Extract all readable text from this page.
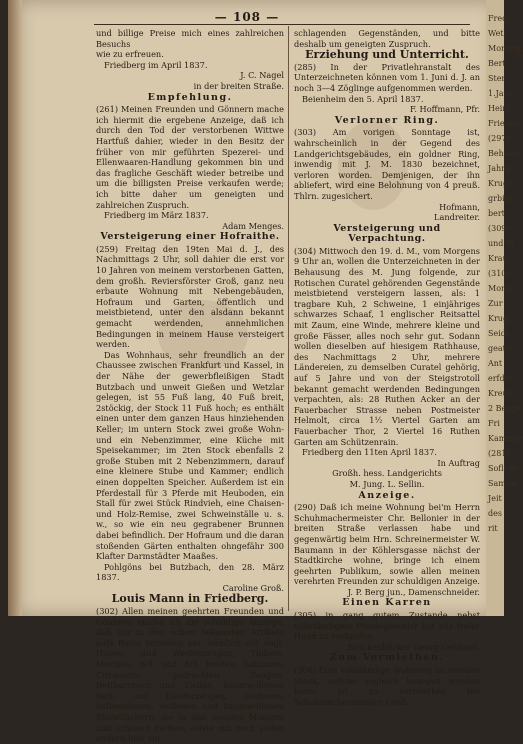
Fred
Wetl
Morting,
Bertl
Ster
1.Jant
Heirt,
Friedbe
(297)
Behaver
Jahre
Krugl
grbiot,
bert.
(309)
und Bi
Krau
(310)
Monat
Zur
Krug,
Seidl,
geatrt
Ant
erfdje
Kreuz
2 Bergw
Fri
Kammer
(281)
Soflicht
Samen
Jeit
des
rit
— 108 —
und billige Preise mich eines zahlreichen Besuchs
wie zu erfreuen.
Friedberg im April 1837.
J. C. Nagel
in der breiten Straße.
Empfehlung.
(261) Meinen Freunden und Gönnern mache ich hiermit die ergebene Anzeige, daß ich durch den Tod der verstorbenen Wittwe Hartfuß dahier, wieder in den Besitz der früher von mir geführten Spezerei- und Ellenwaaren-Handlung gekommen bin und das fragliche Geschäft wieder betreibe und um die billigsten Preise verkaufen werde; ich bitte daher um geneigten und zahlreichen Zuspruch.
Friedberg im März 1837.
Adam Menges.
Versteigerung einer Hofraithe.
(259) Freitag den 19ten Mai d. J., des Nachmittags 2 Uhr, soll dahier die erst vor 10 Jahren von meinem verstorbenen Gatten, dem großh. Reviersförster Groß, ganz neu erbaute Wohnung mit Nebengebäuden, Hofraum und Garten, öffentlich und meistbietend, unter den alsdann bekannt gemacht werdenden, annehmlichen Bedingungen in meinem Hause versteigert werden.
Das Wohnhaus, sehr freundlich an der Chaussee zwischen Frankfurt und Kassel, in der Nähe der gewerbfleißigen Stadt Butzbach und unweit Gießen und Wetzlar gelegen, ist 55 Fuß lang, 40 Fuß breit, 2stöckig, der Stock 11 Fuß hoch; es enthält einen unter dem ganzen Haus hinziehenden Keller; im untern Stock zwei große Wohn- und ein Nebenzimmer, eine Küche mit Speisekammer; im 2ten Stock ebenfalls 2 große Stuben mit 2 Nebenzimmern, darauf eine kleinere Stube und Kammer; endlich einen doppelten Speicher. Außerdem ist ein Pferdestall für 3 Pferde mit Heuboden, ein Stall für zwei Stück Rindvieh, eine Chaisen- und Holz-Remise, zwei Schweinställe u. s. w., so wie ein neu gegrabener Brunnen dabei befindlich. Der Hofraum und die daran stoßenden Gärten enthalten ohngefähr 300 Klafter Darmstädter Maaßes.
Pohlgöns bei Butzbach, den 28. März 1837.
Caroline Groß.
Louis Mann in Friedberg.
(302) Allen meinen geehrten Freunden und Gönnern mache ich die schuldige Anzeige, daß ich in den schon bekannten Artikeln aufs Beste versehen bin, nämlich mit engl. Hosen- und Westenzeugen, Thibets, Merinos, 6/4 und 8/4 breiten Kattunen, Circassets, gedruckten Zeugen, Bettbarchent und Zwilge, baumwollenen Bett- und Kleiderzeugen, seidenen, halbseidenen, wollenen und baumwollenen Shawltüchern, die in den neusten Mustern und schönen Farben, sowie mit noch vielen andern hier ein-
schlagenden Gegenständen, und bitte deshalb um geneigten Zuspruch.
Erziehung und Unterricht.
(285) In der Privatlehranstalt des Unterzeichneten können vom 1. Juni d. J. an noch 3—4 Zöglinge aufgenommen werden.
Beienheim den 5. April 1837.
F. Hoffmann, Pfr.
Verlorner Ring.
(303) Am vorigen Sonntage ist, wahrscheinlich in der Gegend des Landgerichtsgebäudes, ein goldner Ring, inwendig mit J. M. 1830 bezeichnet, verloren worden. Demjenigen, der ihn abliefert, wird eine Belohnung von 4 preuß. Thlrn. zugesichert.
Hofmann,
Landreiter.
Versteigerung und Verpachtung.
(304) Mittwoch den 19. d. M., vom Morgens 9 Uhr an, wollen die Unterzeichneten in der Behausung des M. Jung folgende, zur Rotischen Curatel gehörenden Gegenstände meistbietend versteigern lassen, als: 1 tragbare Kuh, 2 Schweine, 1 einjähriges schwarzes Schaaf, 1 englischer Reitsattel mit Zaum, eine Winde, mehrere kleine und große Fässer, alles noch sehr gut. Sodann wollen dieselben auf hiesigem Rathhause, des Nachmittags 2 Uhr, mehrere Ländereien, zu demselben Curatel gehörig, auf 5 Jahre und von der Steigstrotoll bekannt gemacht werdenden Bedingungen verpachten, als: 28 Ruthen Acker an der Fauerbacher Strasse neben Postmeister Helmolt, circa 1½ Viertel Garten am Fauerbacher Thor, 2 Viertel 16 Ruthen Garten am Schützenrain.
Friedberg den 11ten April 1837.
In Auftrag
Großh. hess. Landgerichts
M. Jung. L. Sellin.
Anzeige.
(290) Daß ich meine Wohnung bei'm Herrn Schuhmachermeister Chr. Bellonier in der breiten Straße verlassen habe und gegenwärtig beim Hrn. Schreinermeister W. Baumann in der Köhlersgasse nächst der Stadtkirche wohne, bringe ich einem geehrten Publikum, sowie allen meinen verehrten Freunden zur schuldigen Anzeige.
J. P. Berg jun., Damenschneider.
Einen Karren
(305) in gang gutem Zustande nebst vollständigem Pferdegeschirr hat aus freier Hand zu verkaufen
Brückenbäcker Georg Gebhard.
Zum Vermiethen.
(306) Eine vollständige Wohnung im zweiten Stock, welche sogleich bezogen werden kann, ist zu vermiethen bei Schuhmachermeister Groß.
